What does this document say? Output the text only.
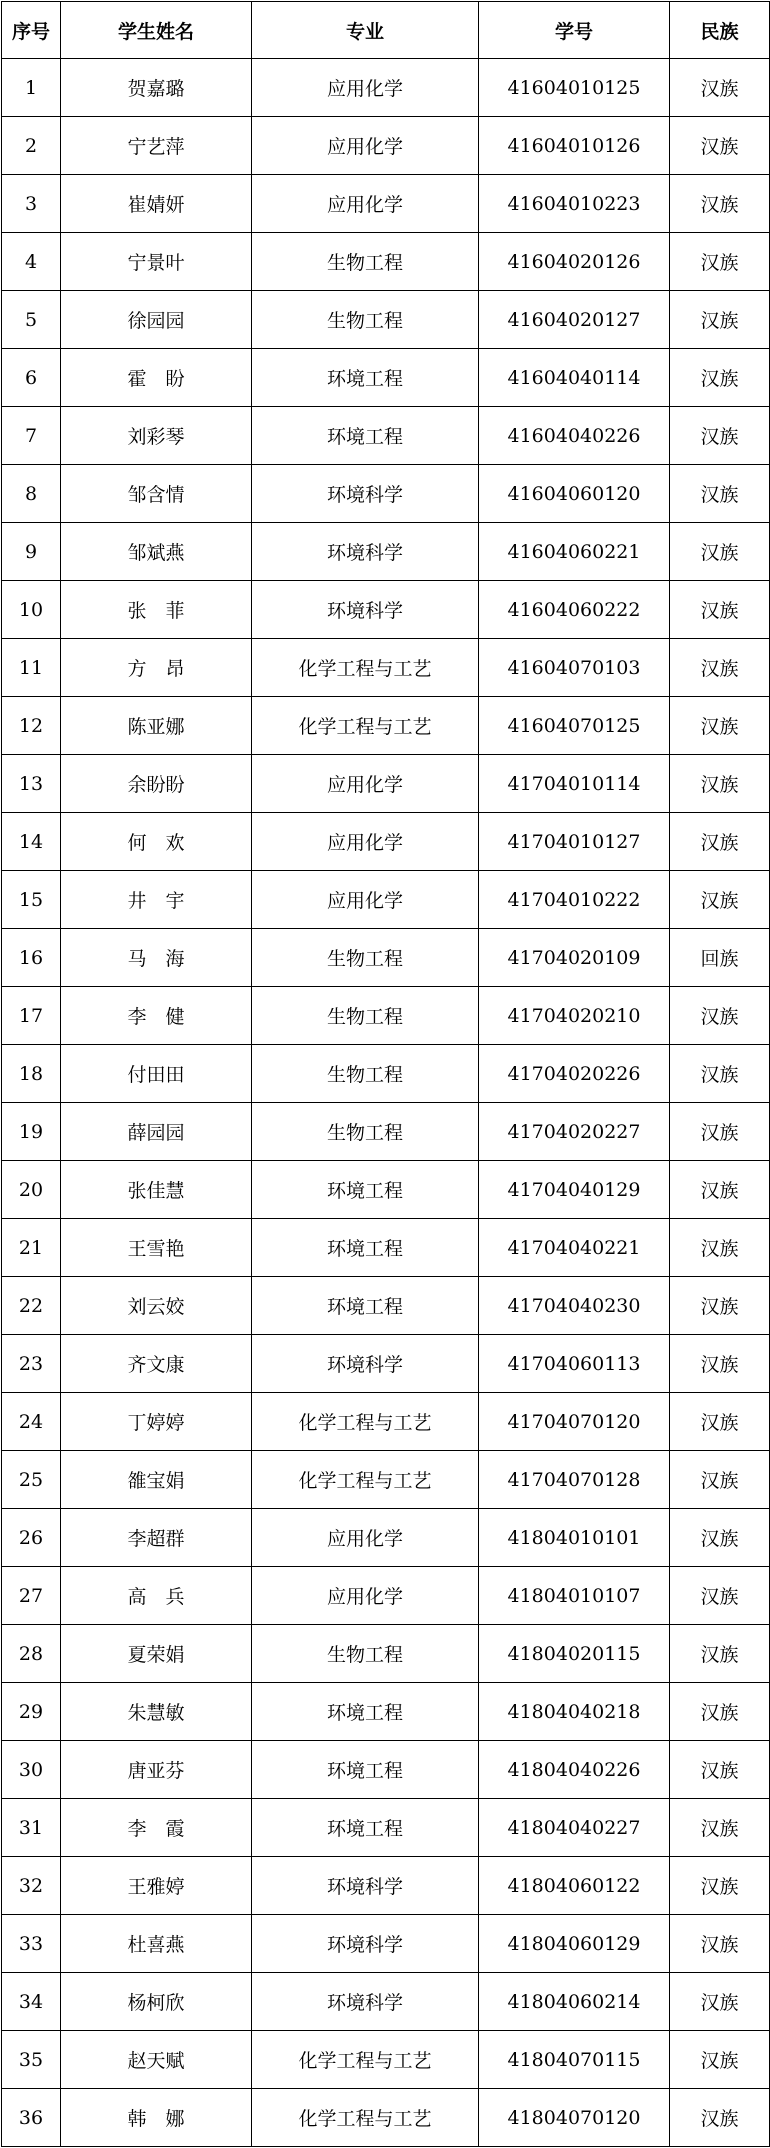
序号	学生姓名	专业	学号	民族
1	贺嘉璐	应用化学	41604010125	汉族
2	宁艺萍	应用化学	41604010126	汉族
3	崔婧妍	应用化学	41604010223	汉族
4	宁景叶	生物工程	41604020126	汉族
5	徐园园	生物工程	41604020127	汉族
6	霍　盼	环境工程	41604040114	汉族
7	刘彩琴	环境工程	41604040226	汉族
8	邹含情	环境科学	41604060120	汉族
9	邹斌燕	环境科学	41604060221	汉族
10	张　菲	环境科学	41604060222	汉族
11	方　昂	化学工程与工艺	41604070103	汉族
12	陈亚娜	化学工程与工艺	41604070125	汉族
13	余盼盼	应用化学	41704010114	汉族
14	何　欢	应用化学	41704010127	汉族
15	井　宇	应用化学	41704010222	汉族
16	马　海	生物工程	41704020109	回族
17	李　健	生物工程	41704020210	汉族
18	付田田	生物工程	41704020226	汉族
19	薛园园	生物工程	41704020227	汉族
20	张佳慧	环境工程	41704040129	汉族
21	王雪艳	环境工程	41704040221	汉族
22	刘云姣	环境工程	41704040230	汉族
23	齐文康	环境科学	41704060113	汉族
24	丁婷婷	化学工程与工艺	41704070120	汉族
25	雒宝娟	化学工程与工艺	41704070128	汉族
26	李超群	应用化学	41804010101	汉族
27	高　兵	应用化学	41804010107	汉族
28	夏荣娟	生物工程	41804020115	汉族
29	朱慧敏	环境工程	41804040218	汉族
30	唐亚芬	环境工程	41804040226	汉族
31	李　霞	环境工程	41804040227	汉族
32	王雅婷	环境科学	41804060122	汉族
33	杜喜燕	环境科学	41804060129	汉族
34	杨柯欣	环境科学	41804060214	汉族
35	赵天赋	化学工程与工艺	41804070115	汉族
36	韩　娜	化学工程与工艺	41804070120	汉族
